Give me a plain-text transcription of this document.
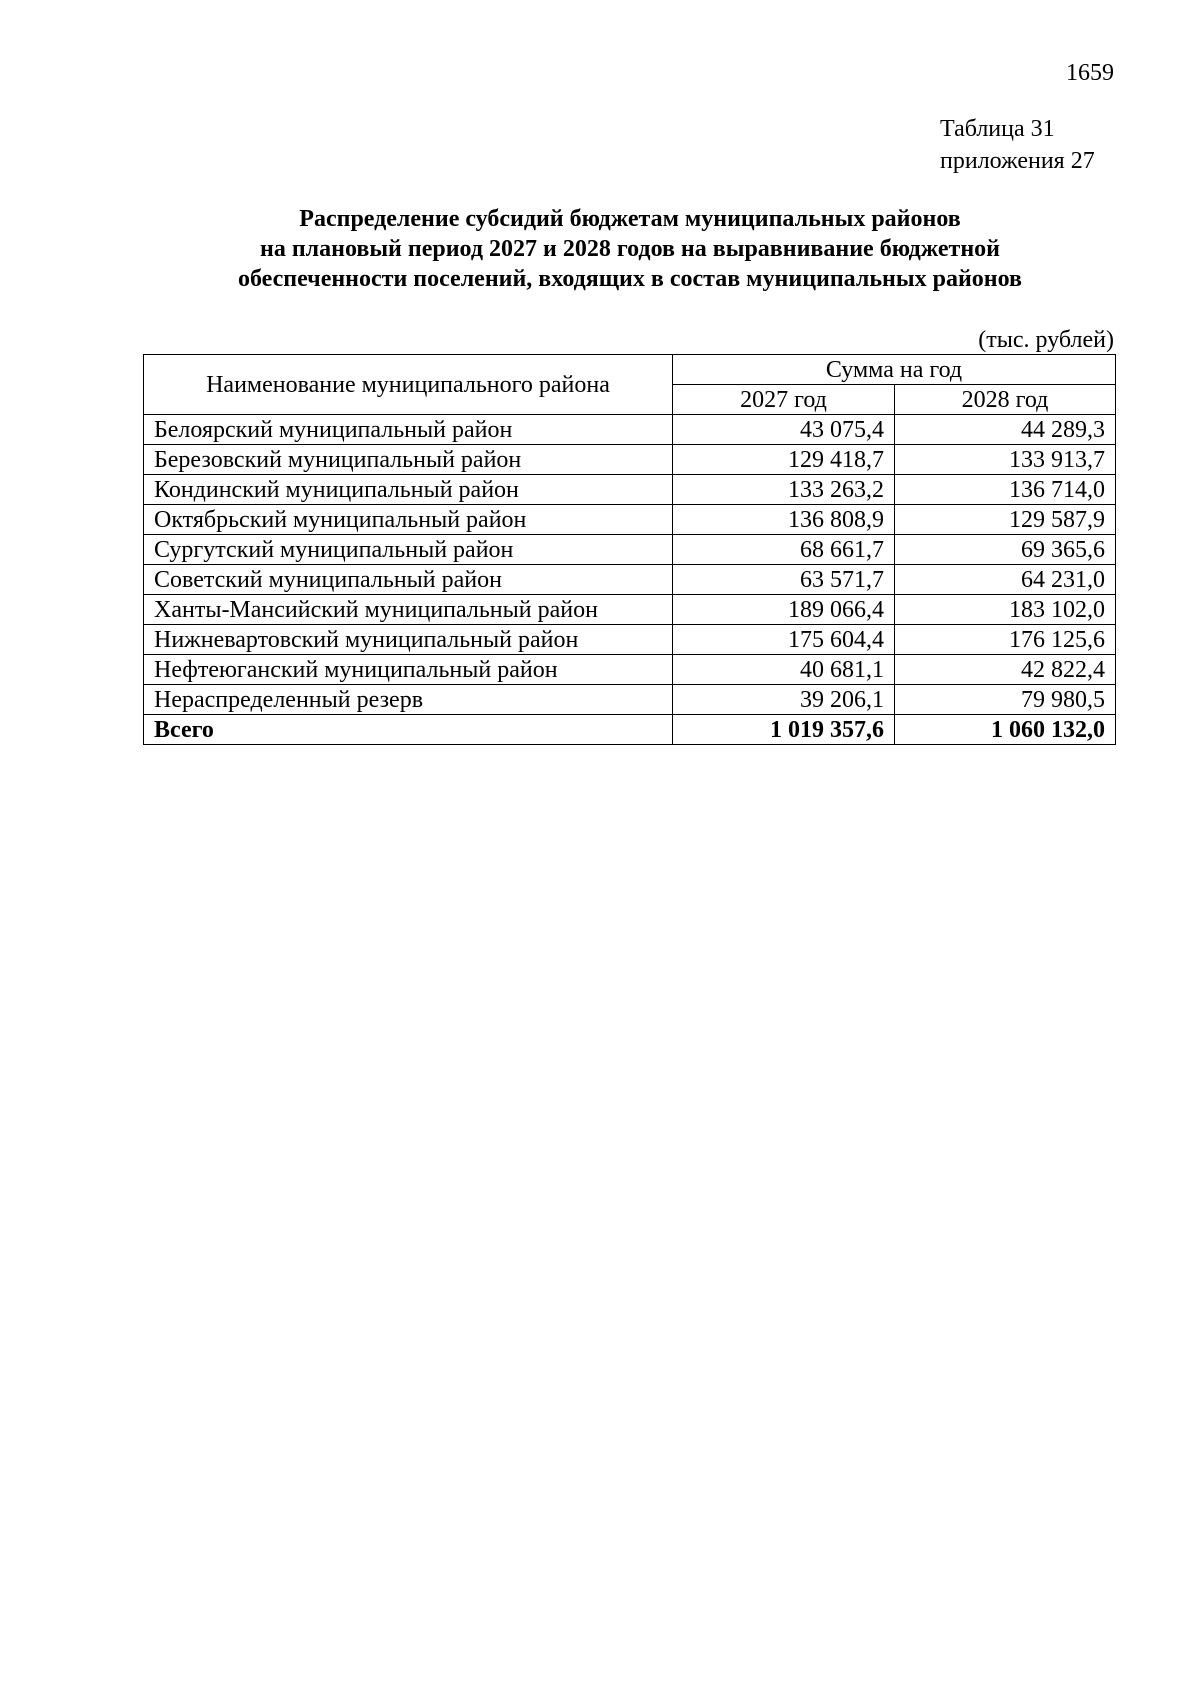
1659
Таблица 31
приложения 27
Распределение субсидий бюджетам муниципальных районов
на плановый период 2027 и 2028 годов на выравнивание бюджетной
обеспеченности поселений, входящих в состав муниципальных районов
(тыс. рублей)
Наименование муниципального района	Сумма на год	
	2027 год	2028 год
Белоярский муниципальный район	43 075,4	44 289,3
Березовский муниципальный район	129 418,7	133 913,7
Кондинский муниципальный район	133 263,2	136 714,0
Октябрьский муниципальный район	136 808,9	129 587,9
Сургутский муниципальный район	68 661,7	69 365,6
Советский муниципальный район	63 571,7	64 231,0
Ханты-Мансийский муниципальный район	189 066,4	183 102,0
Нижневартовский муниципальный район	175 604,4	176 125,6
Нефтеюганский муниципальный район	40 681,1	42 822,4
Нераспределенный резерв	39 206,1	79 980,5
Всего	1 019 357,6	1 060 132,0
